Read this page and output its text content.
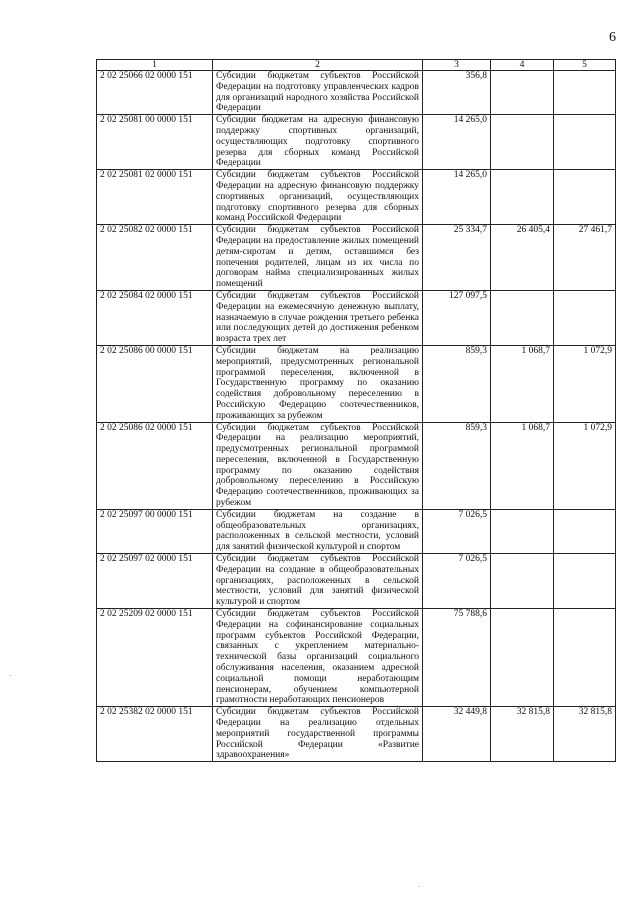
6
1	2	3	4	5
2 02 25066 02 0000 151	Субсидии бюджетам субъектов Российской Федерации на подготовку управленческих кадров для организаций народного хозяйства Российской Федерации	356,8		
2 02 25081 00 0000 151	Субсидии бюджетам на адресную финансовую поддержку спортивных организаций, осуществляющих подготовку спортивного резерва для сборных команд Российской Федерации	14 265,0		
2 02 25081 02 0000 151	Субсидии бюджетам субъектов Российской Федерации на адресную финансовую поддержку спортивных организаций, осуществляющих подготовку спортивного резерва для сборных команд Российской Федерации	14 265,0		
2 02 25082 02 0000 151	Субсидии бюджетам субъектов Российской Федерации на предоставление жилых помещений детям-сиротам и детям, оставшимся без попечения родителей, лицам из их числа по договорам найма специализированных жилых помещений	25 334,7	26 405,4	27 461,7
2 02 25084 02 0000 151	Субсидии бюджетам субъектов Российской Федерации на ежемесячную денежную выплату, назначаемую в случае рождения третьего ребенка или последующих детей до достижения ребенком возраста трех лет	127 097,5		
2 02 25086 00 0000 151	Субсидии бюджетам на реализацию мероприятий, предусмотренных региональной программой переселения, включенной в Государственную программу по оказанию содействия добровольному переселению в Российскую Федерацию соотечественников, проживающих за рубежом	859,3	1 068,7	1 072,9
2 02 25086 02 0000 151	Субсидии бюджетам субъектов Российской Федерации на реализацию мероприятий, предусмотренных региональной программой переселения, включенной в Государственную программу по оказанию содействия добровольному переселению в Российскую Федерацию соотечественников, проживающих за рубежом	859,3	1 068,7	1 072,9
2 02 25097 00 0000 151	Субсидии бюджетам на создание в общеобразовательных организациях, расположенных в сельской местности, условий для занятий физической культурой и спортом	7 026,5		
2 02 25097 02 0000 151	Субсидии бюджетам субъектов Российской Федерации на создание в общеобразовательных организациях, расположенных в сельской местности, условий для занятий физической культурой и спортом	7 026,5		
2 02 25209 02 0000 151	Субсидии бюджетам субъектов Российской Федерации на софинансирование социальных программ субъектов Российской Федерации, связанных с укреплением материально-технической базы организаций социального обслуживания населения, оказанием адресной социальной помощи неработающим пенсионерам, обучением компьютерной грамотности неработающих пенсионеров	75 788,6		
2 02 25382 02 0000 151	Субсидии бюджетам субъектов Российской Федерации на реализацию отдельных мероприятий государственной программы Российской Федерации «Развитие здравоохранения»	32 449,8	32 815,8	32 815,8
·
·
